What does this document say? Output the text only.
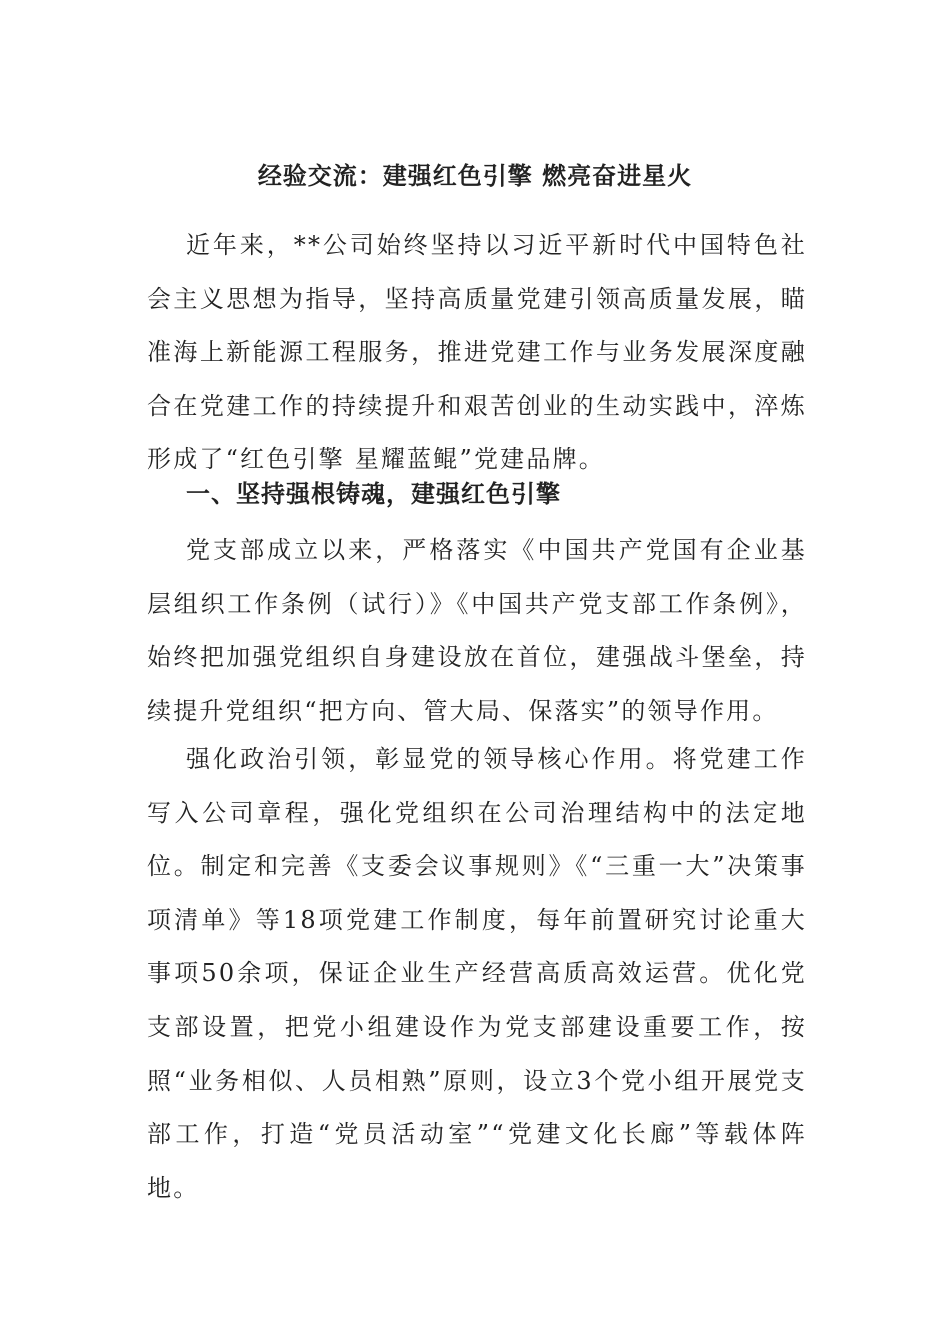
经验交流：建强红色引擎 燃亮奋进星火

近年来，**公司始终坚持以习近平新时代中国特色社会主义思想为指导，坚持高质量党建引领高质量发展，瞄准海上新能源工程服务，推进党建工作与业务发展深度融合在党建工作的持续提升和艰苦创业的生动实践中，淬炼形成了“红色引擎 星耀蓝鲲”党建品牌。

一、坚持强根铸魂，建强红色引擎

党支部成立以来，严格落实《中国共产党国有企业基层组织工作条例（试行）》《中国共产党支部工作条例》，始终把加强党组织自身建设放在首位，建强战斗堡垒，持续提升党组织“把方向、管大局、保落实”的领导作用。

强化政治引领，彰显党的领导核心作用。将党建工作写入公司章程，强化党组织在公司治理结构中的法定地位。制定和完善《支委会议事规则》《“三重一大”决策事项清单》等18项党建工作制度，每年前置研究讨论重大事项50余项，保证企业生产经营高质高效运营。优化党支部设置，把党小组建设作为党支部建设重要工作，按照“业务相似、人员相熟”原则，设立3个党小组开展党支部工作，打造“党员活动室”“党建文化长廊”等载体阵地。
